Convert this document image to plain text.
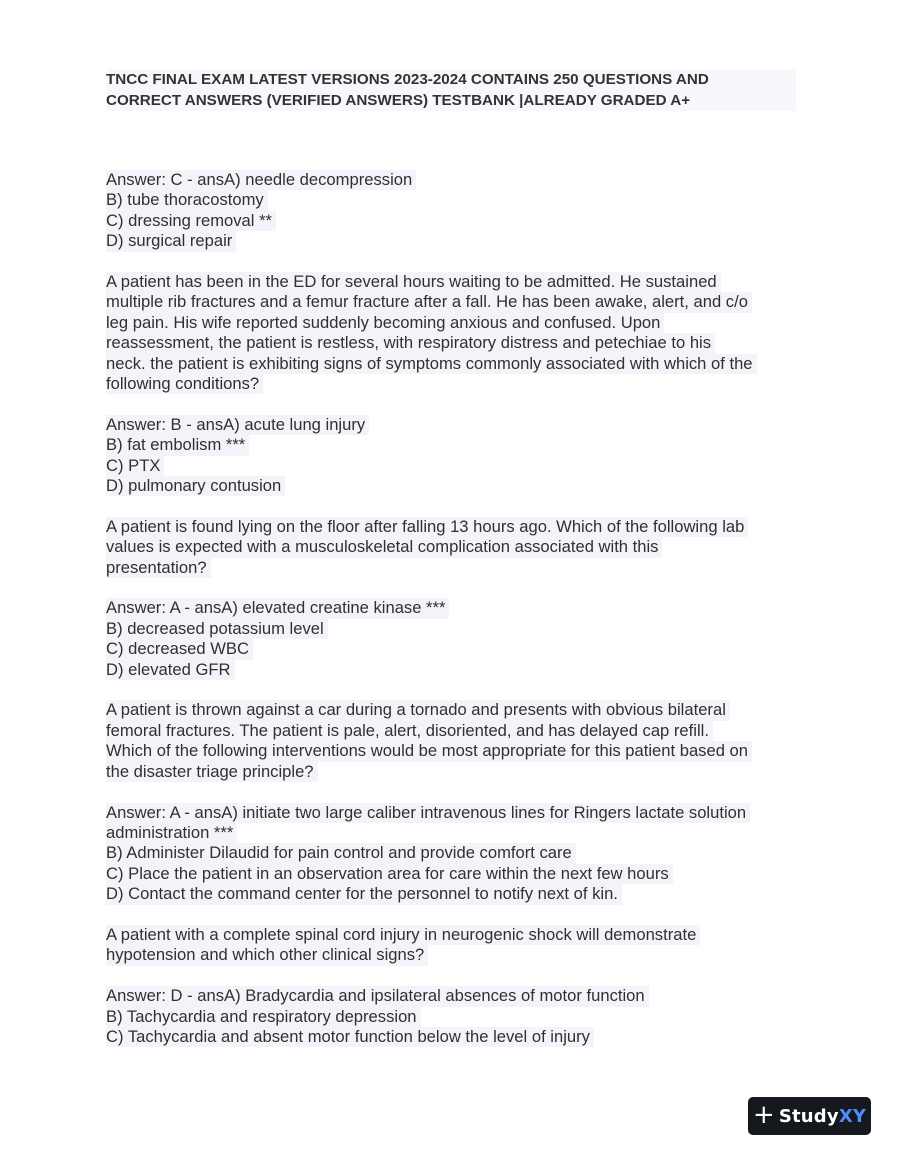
TNCC FINAL EXAM LATEST VERSIONS 2023-2024 CONTAINS 250 QUESTIONS AND
CORRECT ANSWERS (VERIFIED ANSWERS) TESTBANK |ALREADY GRADED A+
Answer: C - ansA) needle decompression
B) tube thoracostomy
C) dressing removal **
D) surgical repair
A patient has been in the ED for several hours waiting to be admitted. He sustained
multiple rib fractures and a femur fracture after a fall. He has been awake, alert, and c/o
leg pain. His wife reported suddenly becoming anxious and confused. Upon
reassessment, the patient is restless, with respiratory distress and petechiae to his
neck. the patient is exhibiting signs of symptoms commonly associated with which of the
following conditions?
Answer: B - ansA) acute lung injury
B) fat embolism ***
C) PTX
D) pulmonary contusion
A patient is found lying on the floor after falling 13 hours ago. Which of the following lab
values is expected with a musculoskeletal complication associated with this
presentation?
Answer: A - ansA) elevated creatine kinase ***
B) decreased potassium level
C) decreased WBC
D) elevated GFR
A patient is thrown against a car during a tornado and presents with obvious bilateral
femoral fractures. The patient is pale, alert, disoriented, and has delayed cap refill.
Which of the following interventions would be most appropriate for this patient based on
the disaster triage principle?
Answer: A - ansA) initiate two large caliber intravenous lines for Ringers lactate solution
administration ***
B) Administer Dilaudid for pain control and provide comfort care
C) Place the patient in an observation area for care within the next few hours
D) Contact the command center for the personnel to notify next of kin.
A patient with a complete spinal cord injury in neurogenic shock will demonstrate
hypotension and which other clinical signs?
Answer: D - ansA) Bradycardia and ipsilateral absences of motor function
B) Tachycardia and respiratory depression
C) Tachycardia and absent motor function below the level of injury
+ Study XY
